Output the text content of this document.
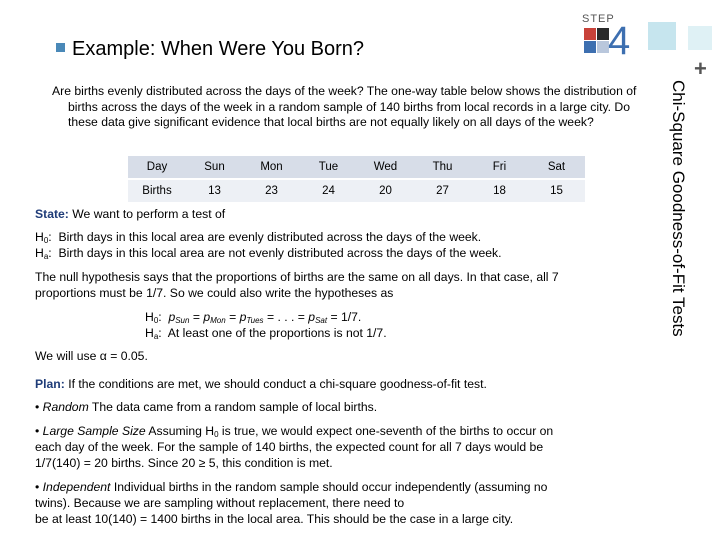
Example: When Were You Born?
STEP
4
+
Chi-Square Goodness-of-Fit Tests

Are births evenly distributed across the days of the week? The one-way table below shows the distribution of births across the days of the week in a random sample of 140 births from local records in a large city. Do these data give significant evidence that local births are not equally likely on all days of the week?

Day	Sun	Mon	Tue	Wed	Thu	Fri	Sat
Births	13	23	24	20	27	18	15
State: We want to perform a test of
$H_0$:  Birth days in this local area are evenly distributed across the days of the week.
$H_a$:  Birth days in this local area are not evenly distributed across the days of the week.
The null hypothesis says that the proportions of births are the same on all days. In that case, all 7
proportions must be 1/7. So we could also write the hypotheses as
$H_0$:  $p_{Sun} = p_{Mon} = p_{Tues}$ = . . . = $p_{Sat} = 1/7$.
$H_a$:  At least one of the proportions is not 1/7.
We will use α = 0.05.
Plan: If the conditions are met, we should conduct a chi-square goodness-of-fit test.
• Random The data came from a random sample of local births.
• Large Sample Size Assuming $H_0$ is true, we would expect one-seventh of the births to occur on
each day of the week. For the sample of 140 births, the expected count for all 7 days would be
1/7(140) = 20 births. Since 20 ≥ 5, this condition is met.
• Independent Individual births in the random sample should occur independently (assuming no
twins). Because we are sampling without replacement, there need to
be at least 10(140) = 1400 births in the local area. This should be the case in a large city.
